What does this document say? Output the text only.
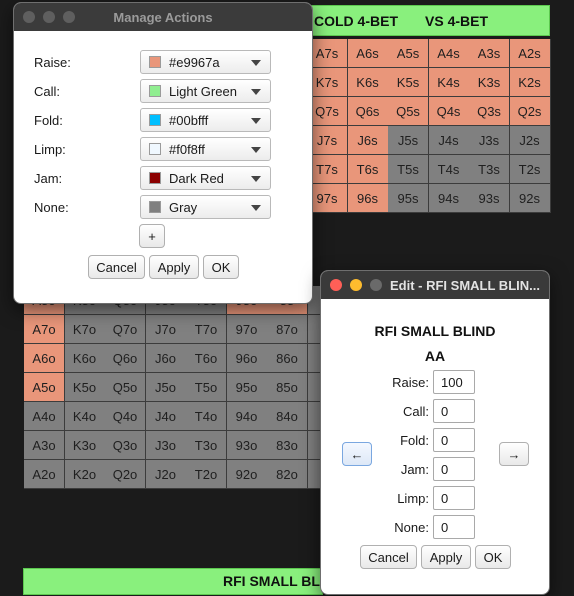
A7s	A6s	A5s	A4s	A3s	A2s
K7s	K6s	K5s	K4s	K3s	K2s
Q7s	Q6s	Q5s	Q4s	Q3s	Q2s
J7s	J6s	J5s	J4s	J3s	J2s
T7s	T6s	T5s	T4s	T3s	T2s
97s	96s	95s	94s	93s	92s
A7o	K7o	Q7o	J7o	T7o	97o	87o
A6o	K6o	Q6o	J6o	T6o	96o	86o
A5o	K5o	Q5o	J5o	T5o	95o	85o
A4o	K4o	Q4o	J4o	T4o	94o	84o
A3o	K3o	Q3o	J3o	T3o	93o	83o
A2o	K2o	Q2o	J2o	T2o	92o	82o
COLD 4-BET VS 4-BET
RFI SMALL BL
Manage Actions
Raise:	#e9967a
Call:	Light Green
Fold:	#00bfff
Limp:	#f0f8ff
Jam:	Dark Red
None:	Gray
+
Cancel	Apply	OK
Edit - RFI SMALL BLIN...
RFI SMALL BLIND
AA
Raise: 100
Call: 0
Fold: 0
Jam: 0
Limp: 0
None: 0
←	→
Cancel	Apply	OK
